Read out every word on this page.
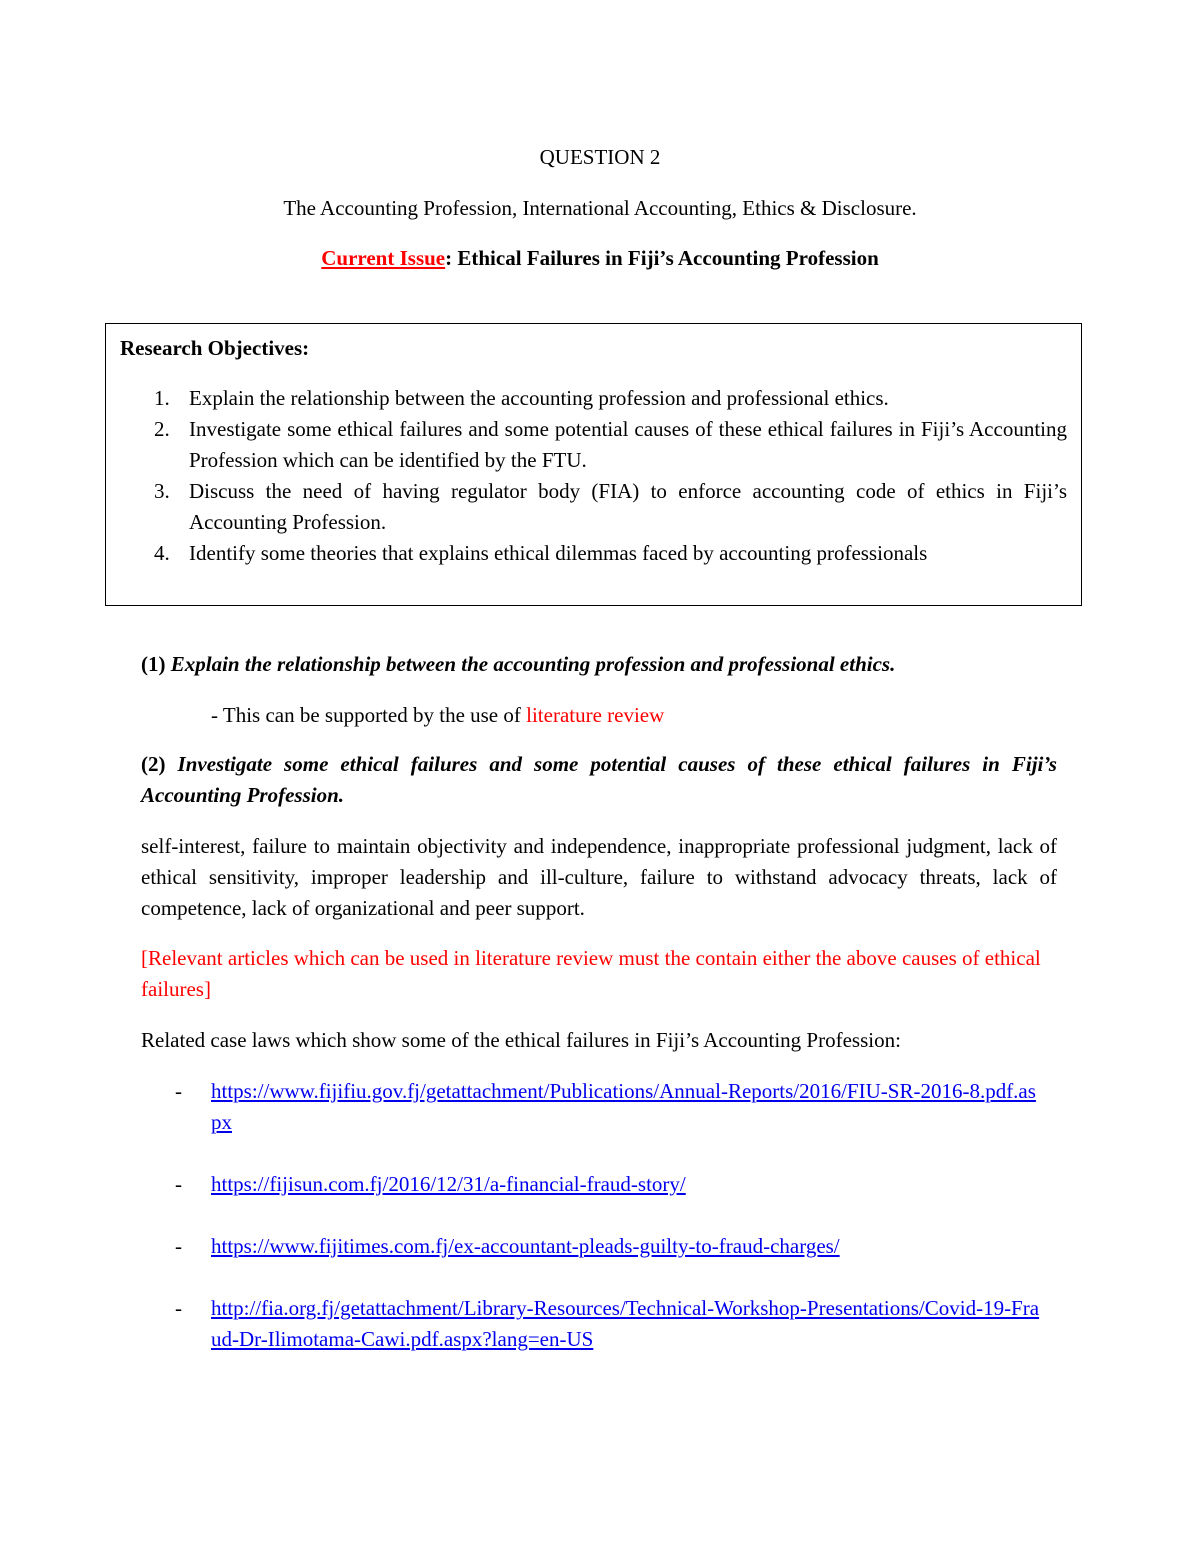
QUESTION 2
The Accounting Profession, International Accounting, Ethics & Disclosure.
Current Issue: Ethical Failures in Fiji’s Accounting Profession
Research Objectives:
1. Explain the relationship between the accounting profession and professional ethics.
2. Investigate some ethical failures and some potential causes of these ethical failures in Fiji’s Accounting Profession which can be identified by the FTU.
3. Discuss the need of having regulator body (FIA) to enforce accounting code of ethics in Fiji’s Accounting Profession.
4. Identify some theories that explains ethical dilemmas faced by accounting professionals
(1) Explain the relationship between the accounting profession and professional ethics.
- This can be supported by the use of literature review
(2) Investigate some ethical failures and some potential causes of these ethical failures in Fiji’s Accounting Profession.
self-interest, failure to maintain objectivity and independence, inappropriate professional judgment, lack of ethical sensitivity, improper leadership and ill-culture, failure to withstand advocacy threats, lack of competence, lack of organizational and peer support.
[Relevant articles which can be used in literature review must the contain either the above causes of ethical failures]
Related case laws which show some of the ethical failures in Fiji’s Accounting Profession:
- https://www.fijifiu.gov.fj/getattachment/Publications/Annual-Reports/2016/FIU-SR-2016-8.pdf.aspx
- https://fijisun.com.fj/2016/12/31/a-financial-fraud-story/
- https://www.fijitimes.com.fj/ex-accountant-pleads-guilty-to-fraud-charges/
- http://fia.org.fj/getattachment/Library-Resources/Technical-Workshop-Presentations/Covid-19-Fraud-Dr-Ilimotama-Cawi.pdf.aspx?lang=en-US
